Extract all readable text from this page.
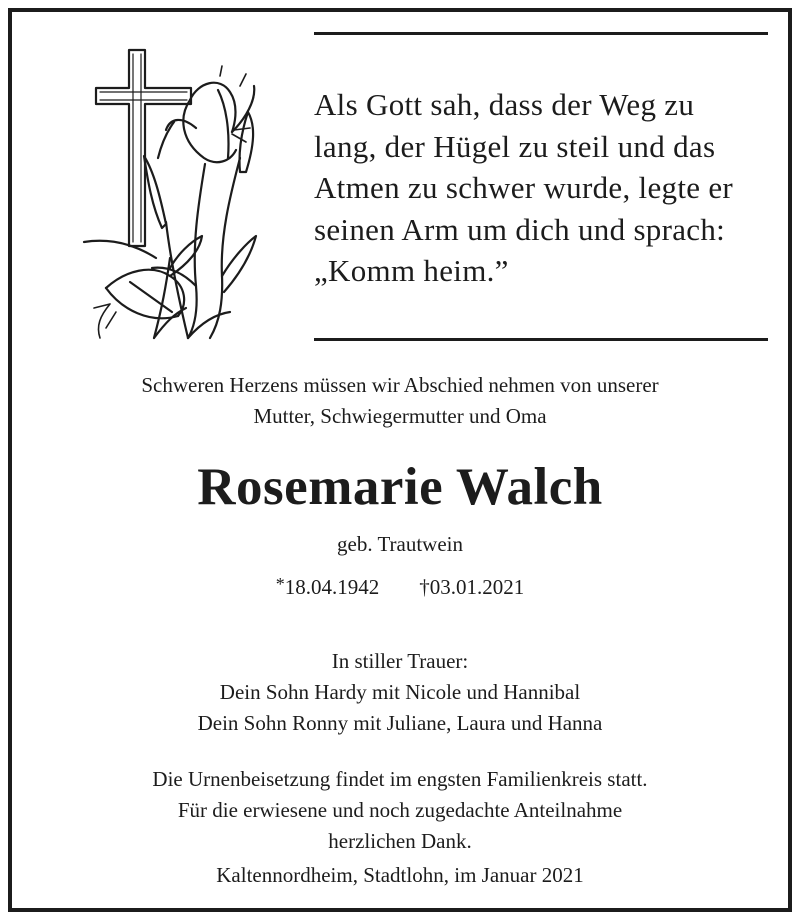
Als Gott sah, dass der Weg zu
lang, der Hügel zu steil und das
Atmen zu schwer wurde, legte er
seinen Arm um dich und sprach:
„Komm heim.”
Schweren Herzens müssen wir Abschied nehmen von unserer
Mutter, Schwiegermutter und Oma
Rosemarie Walch
geb. Trautwein
*18.04.1942 †03.01.2021
In stiller Trauer:
Dein Sohn Hardy mit Nicole und Hannibal
Dein Sohn Ronny mit Juliane, Laura und Hanna
Die Urnenbeisetzung findet im engsten Familienkreis statt.
Für die erwiesene und noch zugedachte Anteilnahme
herzlichen Dank.
Kaltennordheim, Stadtlohn, im Januar 2021
